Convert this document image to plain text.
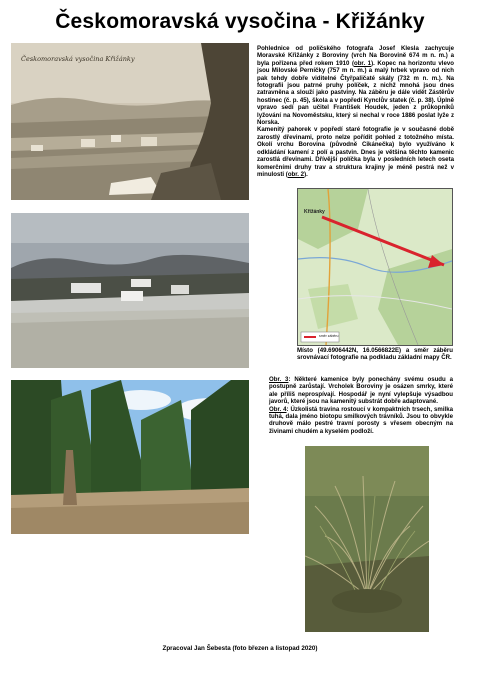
Českomoravská vysočina - Křižánky
Českomoravská vysočina Křižánky

Pohlednice od poličského fotografa Josef Klesla zachycuje Moravské Křižánky z Boroviny (vrch Na Borovině 674 m n. m.) a byla pořízena před rokem 1910 (obr. 1). Kopec na horizontu vlevo jsou Milovské Perníčky (757 m n. m.) a malý hrbek vpravo od nich pak tehdy dobře viditelné Čtyřpaličaté skály (732 m n. m.). Na fotografii jsou patrné pruhy políček, z nichž mnohá jsou dnes zatravněna a slouží jako pastviny. Na záběru je dále vidět Zástěrův hostinec (č. p. 45), škola a v popředí Kynclův statek (č. p. 38). Úplně vpravo sedí pan učitel František Houdek, jeden z průkopníků lyžování na Novoměstsku, který si nechal v roce 1886 poslat lyže z Norska.

Kamenitý pahorek v popředí staré fotografie je v současné době zarostlý dřevinami, proto nelze pořídit pohled z totožného místa. Okolí vrchu Borovina (původně Cikánečka) bylo využíváno k odkládání kamení z polí a pastvin. Dnes je většina těchto kamenic zarostlá dřevinami. Dřívější políčka byla v posledních letech oseta komerčními druhy trav a struktura krajiny je méně pestrá než v minulosti (obr. 2).

Křižánky
směr záběru
Místo (49.6906442N, 16.0566822E) a směr záběru srovnávací fotografie na podkladu základní mapy ČR.

Obr. 3: Některé kamenice byly ponechány svému osudu a postupně zarůstají. Vrcholek Boroviny je osázen smrky, které ale příliš neprospívají. Hospodář je nyní vylepšuje výsadbou javorů, které jsou na kamenitý substrát dobře adaptované.

Obr. 4: Úzkolistá travina rostoucí v kompaktních trsech, smilka tuhá, dala jméno biotopu smilkových trávníků. Jsou to obvykle druhově málo pestré travní porosty s vřesem obecným na živinami chudém a kyselém podloží.

Zpracoval Jan Šebesta (foto březen a listopad 2020)
